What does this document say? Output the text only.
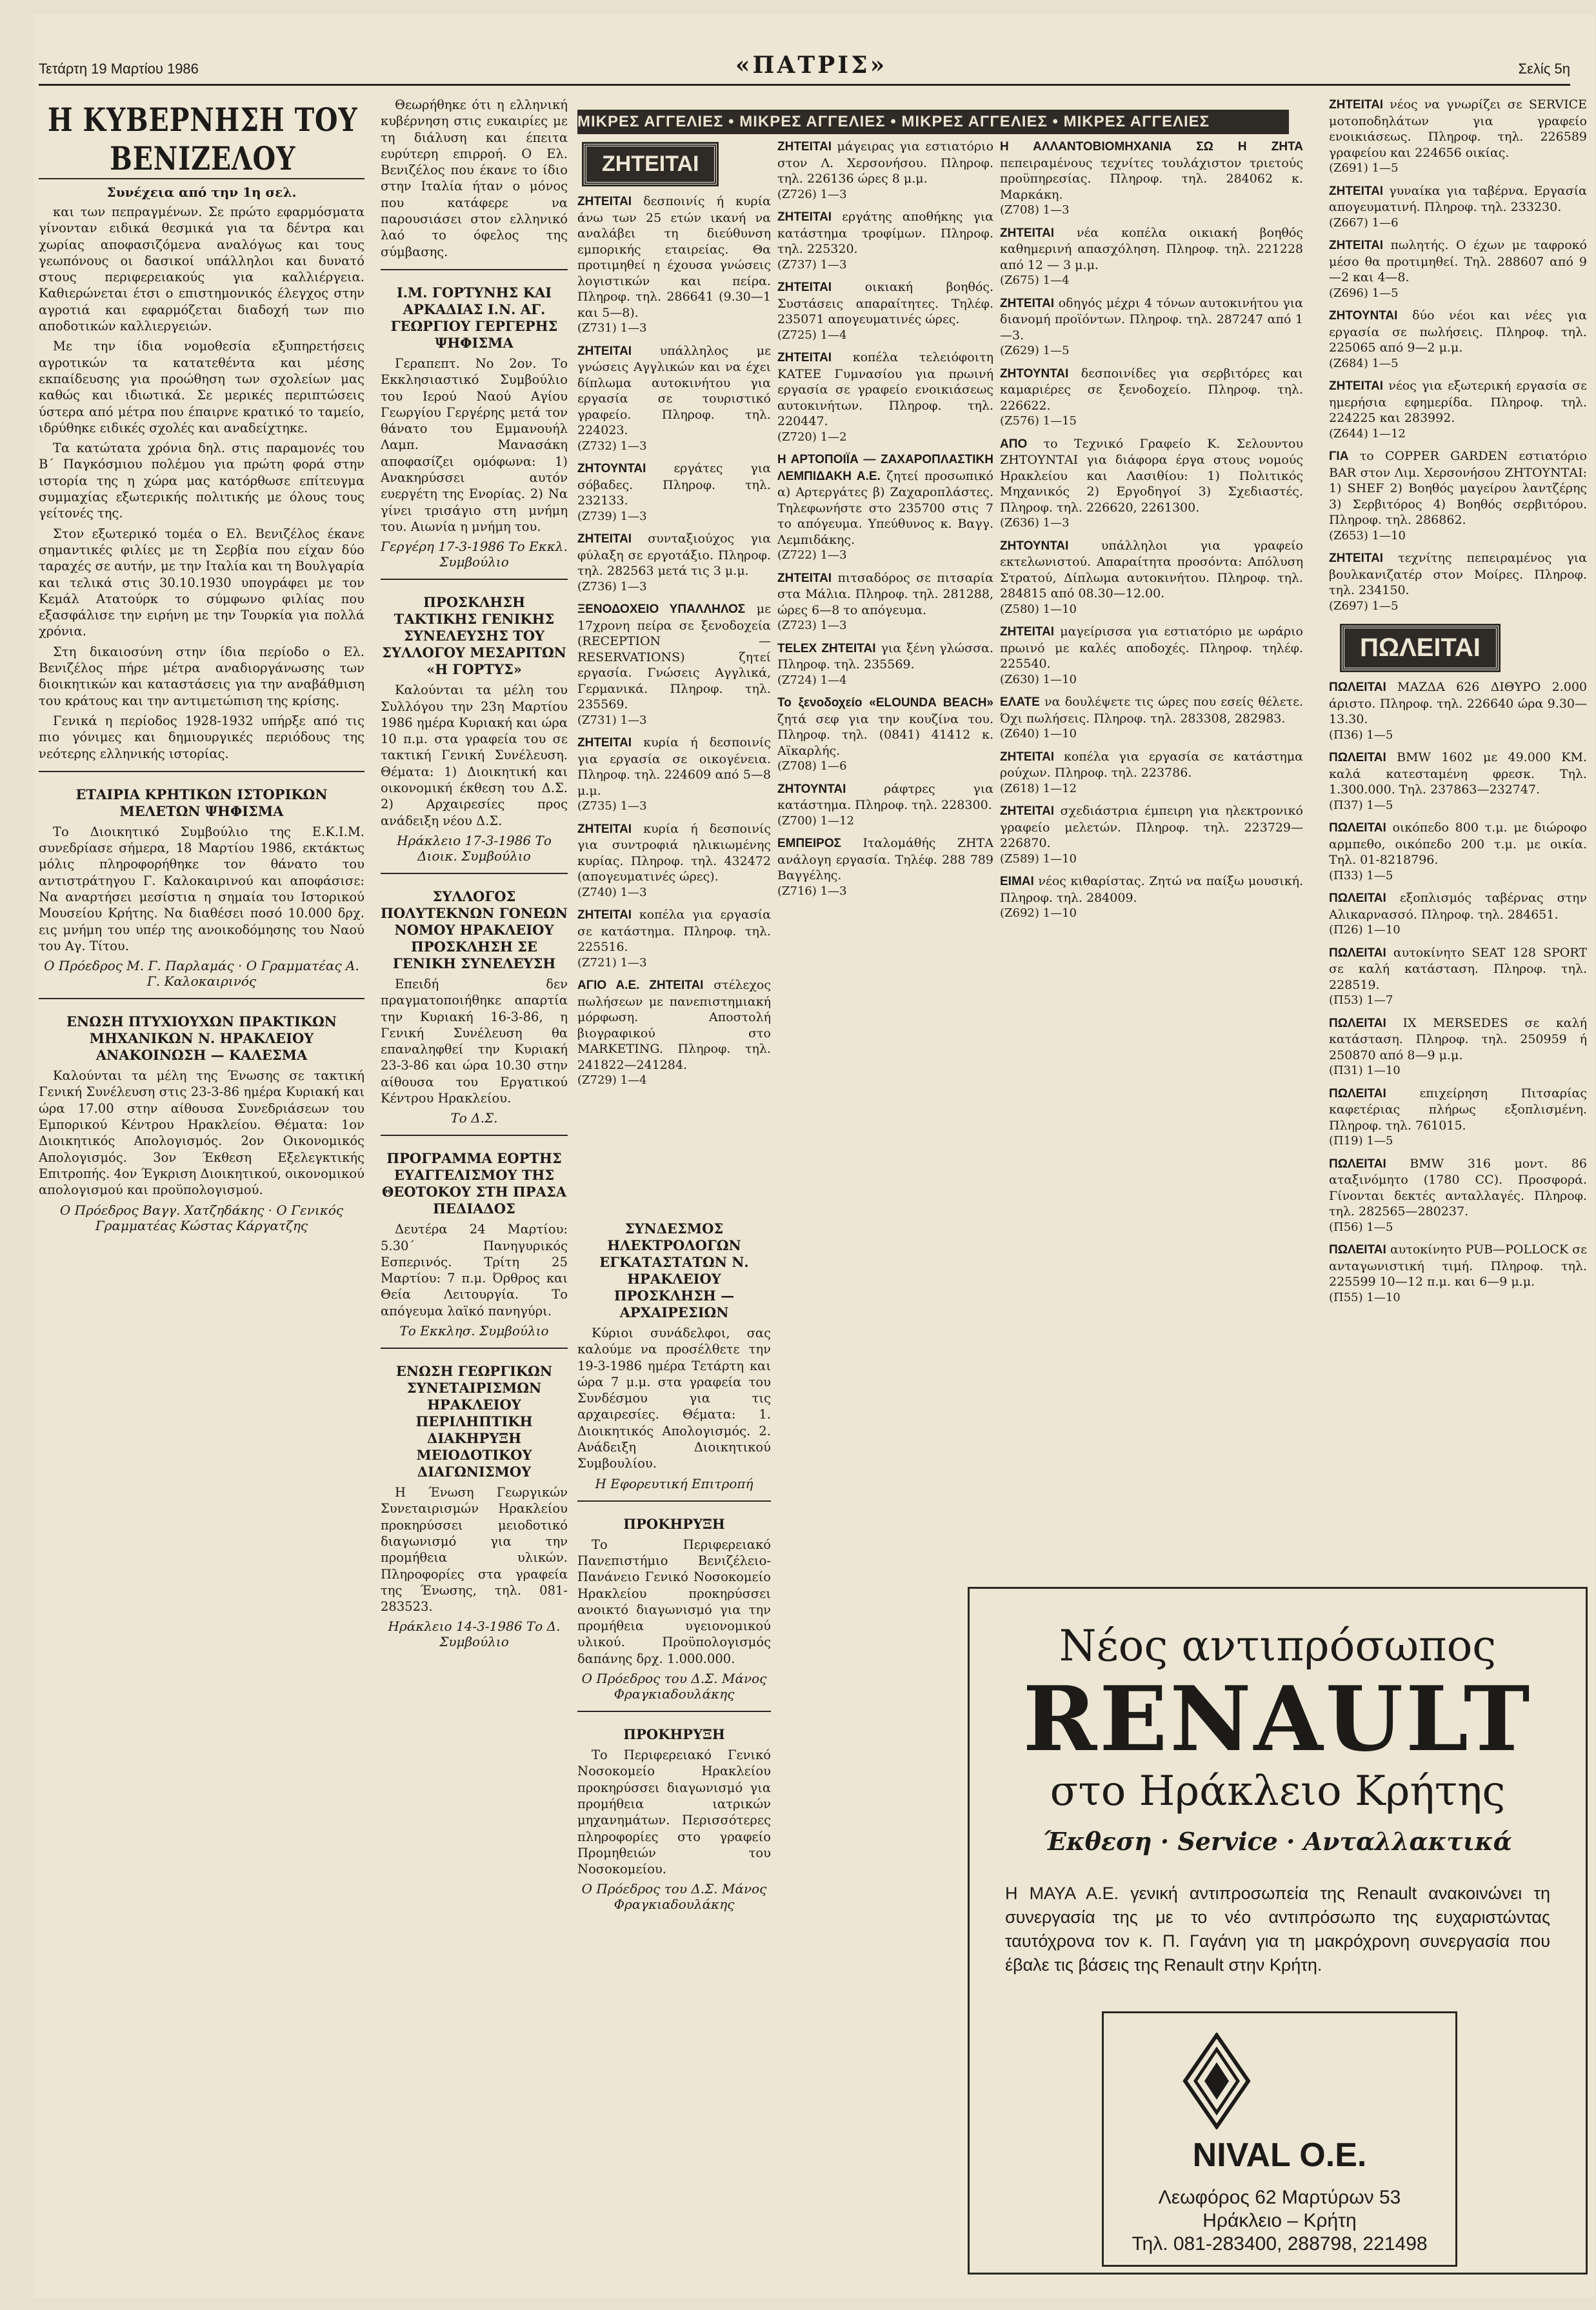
Τετάρτη 19 Μαρτίου 1986	«ΠΑΤΡΙΣ»	Σελίς 5η
Η ΚΥΒΕΡΝΗΣΗ ΤΟΥ ΒΕΝΙΖΕΛΟΥ
Συνέχεια από την 1η σελ.

και των πεπραγμένων. Σε πρώτο εφαρμόσματα γίνονταν ειδικά θεσμικά για τα δέντρα και χωρίας αποφασιζόμενα αναλόγως και τους γεωπόνους οι δασικοί υπάλληλοι και δυνατό στους περιφερειακούς για καλλιέργεια. Καθιερώνεται έτσι ο επιστημονικός έλεγχος στην αγροτιά και εφαρμόζεται διαδοχή των πιο αποδοτικών καλλιεργειών.

Με την ίδια νομοθεσία εξυπηρετήσεις αγροτικών τα κατατεθέντα και μέσης εκπαίδευσης για προώθηση των σχολείων μας καθώς και ιδιωτικά. Σε μερικές περιπτώσεις ύστερα από μέτρα που έπαιρνε κρατικό το ταμείο, ιδρύθηκε ειδικές σχολές και αναδείχτηκε.

Τα κατώτατα χρόνια δηλ. στις παραμονές του Β΄ Παγκόσμιου πολέμου για πρώτη φορά στην ιστορία της η χώρα μας κατόρθωσε επίτευγμα συμμαχίας εξωτερικής πολιτικής με όλους τους γείτονές της.

Στον εξωτερικό τομέα ο Ελ. Βενιζέλος έκανε σημαντικές φιλίες με τη Σερβία που είχαν δύο ταραχές σε αυτήν, με την Ιταλία και τη Βουλγαρία και τελικά στις 30.10.1930 υπογράφει με τον Κεμάλ Ατατούρκ το σύμφωνο φιλίας που εξασφάλισε την ειρήνη με την Τουρκία για πολλά χρόνια.

Στη δικαιοσύνη στην ίδια περίοδο ο Ελ. Βενιζέλος πήρε μέτρα αναδιοργάνωσης των διοικητικών και καταστάσεις για την αναβάθμιση του κράτους και την αντιμετώπιση της κρίσης.

Γενικά η περίοδος 1928-1932 υπήρξε από τις πιο γόνιμες και δημιουργικές περιόδους της νεότερης ελληνικής ιστορίας.

ΕΤΑΙΡΙΑ ΚΡΗΤΙΚΩΝ ΙΣΤΟΡΙΚΩΝ ΜΕΛΕΤΩΝ ΨΗΦΙΣΜΑ

Το Διοικητικό Συμβούλιο της Ε.Κ.Ι.Μ. συνεδρίασε σήμερα, 18 Μαρτίου 1986, εκτάκτως μόλις πληροφορήθηκε τον θάνατο του αντιστράτηγου Γ. Καλοκαιρινού και αποφάσισε: Να αναρτήσει μεσίστια η σημαία του Ιστορικού Μουσείου Κρήτης. Να διαθέσει ποσό 10.000 δρχ. εις μνήμη του υπέρ της ανοικοδόμησης του Ναού του Αγ. Τίτου.

Ο Πρόεδρος Μ. Γ. Παρλαμάς · Ο Γραμματέας Α. Γ. Καλοκαιρινός
ΕΝΩΣΗ ΠΤΥΧΙΟΥΧΩΝ ΠΡΑΚΤΙΚΩΝ ΜΗΧΑΝΙΚΩΝ Ν. ΗΡΑΚΛΕΙΟΥ ΑΝΑΚΟΙΝΩΣΗ — ΚΑΛΕΣΜΑ

Καλούνται τα μέλη της Ένωσης σε τακτική Γενική Συνέλευση στις 23-3-86 ημέρα Κυριακή και ώρα 17.00 στην αίθουσα Συνεδριάσεων του Εμπορικού Κέντρου Ηρακλείου. Θέματα: 1ον Διοικητικός Απολογισμός. 2ον Οικονομικός Απολογισμός. 3ον Έκθεση Εξελεγκτικής Επιτροπής. 4ον Έγκριση Διοικητικού, οικονομικού απολογισμού και προϋπολογισμού.

Ο Πρόεδρος Βαγγ. Χατζηδάκης · Ο Γενικός Γραμματέας Κώστας Κάργατζης

Θεωρήθηκε ότι η ελληνική κυβέρνηση στις ευκαιρίες με τη διάλυση και έπειτα ευρύτερη επιρροή. Ο Ελ. Βενιζέλος που έκανε το ίδιο στην Ιταλία ήταν ο μόνος που κατάφερε να παρουσιάσει στον ελληνικό λαό το όφελος της σύμβασης.

Ι.Μ. ΓΟΡΤΥΝΗΣ ΚΑΙ ΑΡΚΑΔΙΑΣ Ι.Ν. ΑΓ. ΓΕΩΡΓΙΟΥ ΓΕΡΓΕΡΗΣ ΨΗΦΙΣΜΑ

Γεραπεπτ. Νο 2ον. Το Εκκλησιαστικό Συμβούλιο του Ιερού Ναού Αγίου Γεωργίου Γεργέρης μετά τον θάνατο του Εμμανουήλ Λαμπ. Μανασάκη αποφασίζει ομόφωνα: 1) Ανακηρύσσει αυτόν ευεργέτη της Ενορίας. 2) Να γίνει τρισάγιο στη μνήμη του. Αιωνία η μνήμη του.

Γεργέρη 17-3-1986 Το Εκκλ. Συμβούλιο
ΠΡΟΣΚΛΗΣΗ ΤΑΚΤΙΚΗΣ ΓΕΝΙΚΗΣ ΣΥΝΕΛΕΥΣΗΣ ΤΟΥ ΣΥΛΛΟΓΟΥ ΜΕΣΑΡΙΤΩΝ «Η ΓΟΡΤΥΣ»

Καλούνται τα μέλη του Συλλόγου την 23η Μαρτίου 1986 ημέρα Κυριακή και ώρα 10 π.μ. στα γραφεία του σε τακτική Γενική Συνέλευση. Θέματα: 1) Διοικητική και οικονομική έκθεση του Δ.Σ. 2) Αρχαιρεσίες προς ανάδειξη νέου Δ.Σ.

Ηράκλειο 17-3-1986 Το Διοικ. Συμβούλιο
ΣΥΛΛΟΓΟΣ ΠΟΛΥΤΕΚΝΩΝ ΓΟΝΕΩΝ ΝΟΜΟΥ ΗΡΑΚΛΕΙΟΥ ΠΡΟΣΚΛΗΣΗ ΣΕ ΓΕΝΙΚΗ ΣΥΝΕΛΕΥΣΗ

Επειδή δεν πραγματοποιήθηκε απαρτία την Κυριακή 16-3-86, η Γενική Συνέλευση θα επαναληφθεί την Κυριακή 23-3-86 και ώρα 10.30 στην αίθουσα του Εργατικού Κέντρου Ηρακλείου.

Το Δ.Σ.
ΠΡΟΓΡΑΜΜΑ ΕΟΡΤΗΣ ΕΥΑΓΓΕΛΙΣΜΟΥ ΤΗΣ ΘΕΟΤΟΚΟΥ ΣΤΗ ΠΡΑΣΑ ΠΕΔΙΑΔΟΣ

Δευτέρα 24 Μαρτίου: 5.30΄ Πανηγυρικός Εσπερινός. Τρίτη 25 Μαρτίου: 7 π.μ. Όρθρος και Θεία Λειτουργία. Το απόγευμα λαϊκό πανηγύρι.

Το Εκκλησ. Συμβούλιο
ΕΝΩΣΗ ΓΕΩΡΓΙΚΩΝ ΣΥΝΕΤΑΙΡΙΣΜΩΝ ΗΡΑΚΛΕΙΟΥ ΠΕΡΙΛΗΠΤΙΚΗ ΔΙΑΚΗΡΥΞΗ ΜΕΙΟΔΟΤΙΚΟΥ ΔΙΑΓΩΝΙΣΜΟΥ

Η Ένωση Γεωργικών Συνεταιρισμών Ηρακλείου προκηρύσσει μειοδοτικό διαγωνισμό για την προμήθεια υλικών. Πληροφορίες στα γραφεία της Ένωσης, τηλ. 081-283523.

Ηράκλειο 14-3-1986 Το Δ. Συμβούλιο
ΣΥΝΔΕΣΜΟΣ ΗΛΕΚΤΡΟΛΟΓΩΝ ΕΓΚΑΤΑΣΤΑΤΩΝ Ν. ΗΡΑΚΛΕΙΟΥ ΠΡΟΣΚΛΗΣΗ — ΑΡΧΑΙΡΕΣΙΩΝ

Κύριοι συνάδελφοι, σας καλούμε να προσέλθετε την 19-3-1986 ημέρα Τετάρτη και ώρα 7 μ.μ. στα γραφεία του Συνδέσμου για τις αρχαιρεσίες. Θέματα: 1. Διοικητικός Απολογισμός. 2. Ανάδειξη Διοικητικού Συμβουλίου.

Η Εφορευτική Επιτροπή
ΠΡΟΚΗΡΥΞΗ

Το Περιφερειακό Πανεπιστήμιο Βενιζέλειο-Πανάνειο Γενικό Νοσοκομείο Ηρακλείου προκηρύσσει ανοικτό διαγωνισμό για την προμήθεια υγειονομικού υλικού. Προϋπολογισμός δαπάνης δρχ. 1.000.000.

Ο Πρόεδρος του Δ.Σ. Μάνος Φραγκιαδουλάκης
ΠΡΟΚΗΡΥΞΗ

Το Περιφερειακό Γενικό Νοσοκομείο Ηρακλείου προκηρύσσει διαγωνισμό για προμήθεια ιατρικών μηχανημάτων. Περισσότερες πληροφορίες στο γραφείο Προμηθειών του Νοσοκομείου.

Ο Πρόεδρος του Δ.Σ. Μάνος Φραγκιαδουλάκης
ΜΙΚΡΕΣ ΑΓΓΕΛΙΕΣ • ΜΙΚΡΕΣ ΑΓΓΕΛΙΕΣ • ΜΙΚΡΕΣ ΑΓΓΕΛΙΕΣ • ΜΙΚΡΕΣ ΑΓΓΕΛΙΕΣ
ΖΗΤΕΙΤΑΙ

ΖΗΤΕΙΤΑΙ δεσποινίς ή κυρία άνω των 25 ετών ικανή να αναλάβει τη διεύθυνση εμπορικής εταιρείας. Θα προτιμηθεί η έχουσα γνώσεις λογιστικών και πείρα. Πληροφ. τηλ. 286641 (9.30—1 και 5—8).
(Ζ731) 1—3

ΖΗΤΕΙΤΑΙ υπάλληλος με γνώσεις Αγγλικών και να έχει δίπλωμα αυτοκινήτου για εργασία σε τουριστικό γραφείο. Πληροφ. τηλ. 224023.
(Ζ732) 1—3

ΖΗΤΟΥΝΤΑΙ εργάτες για σόβαδες. Πληροφ. τηλ. 232133.
(Ζ739) 1—3

ΖΗΤΕΙΤΑΙ συνταξιούχος για φύλαξη σε εργοτάξιο. Πληροφ. τηλ. 282563 μετά τις 3 μ.μ.
(Ζ736) 1—3

ΞΕΝΟΔΟΧΕΙΟ ΥΠΑΛΛΗΛΟΣ με 17χρονη πείρα σε ξενοδοχεία (RECEPTION — RESERVATIONS) ζητεί εργασία. Γνώσεις Αγγλικά, Γερμανικά. Πληροφ. τηλ. 235569.
(Ζ731) 1—3

ΖΗΤΕΙΤΑΙ κυρία ή δεσποινίς για εργασία σε οικογένεια. Πληροφ. τηλ. 224609 από 5—8 μ.μ.
(Ζ735) 1—3

ΖΗΤΕΙΤΑΙ κυρία ή δεσποινίς για συντροφιά ηλικιωμένης κυρίας. Πληροφ. τηλ. 432472 (απογευματινές ώρες).
(Ζ740) 1—3

ΖΗΤΕΙΤΑΙ κοπέλα για εργασία σε κατάστημα. Πληροφ. τηλ. 225516.
(Ζ721) 1—3

ΑΓΙΟ Α.Ε. ΖΗΤΕΙΤΑΙ στέλεχος πωλήσεων με πανεπιστημιακή μόρφωση. Αποστολή βιογραφικού στο MARKETING. Πληροφ. τηλ. 241822—241284.
(Ζ729) 1—4

ΖΗΤΕΙΤΑΙ μάγειρας για εστιατόριο στον Λ. Χερσονήσου. Πληροφ. τηλ. 226136 ώρες 8 μ.μ.
(Ζ726) 1—3

ΖΗΤΕΙΤΑΙ εργάτης αποθήκης για κατάστημα τροφίμων. Πληροφ. τηλ. 225320.
(Ζ737) 1—3

ΖΗΤΕΙΤΑΙ	οικιακή βοηθός. Συστάσεις απαραίτητες. Τηλέφ. 235071 απογευματινές ώρες.
(Ζ725) 1—4

ΖΗΤΕΙΤΑΙ κοπέλα τελειόφοιτη ΚΑΤΕΕ Γυμνασίου για πρωινή εργασία σε γραφείο ενοικιάσεως αυτοκινήτων. Πληροφ. τηλ. 220447.
(Ζ720) 1—2

Η ΑΡΤΟΠΟΙΪΑ — ΖΑΧΑΡΟΠΛΑΣΤΙΚΗ ΛΕΜΠΙΔΑΚΗ Α.Ε. ζητεί προσωπικό α) Αρτεργάτες β) Ζαχαροπλάστες. Τηλεφωνήστε στο 235700 στις 7 το απόγευμα. Υπεύθυνος κ. Βαγγ. Λεμπιδάκης.
(Ζ722) 1—3

ΖΗΤΕΙΤΑΙ πιτσαδόρος σε πιτσαρία στα Μάλια. Πληροφ. τηλ. 281288, ώρες 6—8 το απόγευμα.
(Ζ723) 1—3

TELEX ΖΗΤΕΙΤΑΙ για ξένη γλώσσα. Πληροφ. τηλ. 235569.
(Ζ724) 1—4

Το ξενοδοχείο «ELOUNDA BEACH» ζητά σεφ για την κουζίνα του. Πληροφ. τηλ. (0841) 41412 κ. Αϊκαρλής.
(Ζ708) 1—6

ΖΗΤΟΥΝΤΑΙ	ράφτρες για κατάστημα. Πληροφ. τηλ. 228300.
(Ζ700) 1—12

ΕΜΠΕΙΡΟΣ Ιταλομάθής ΖΗΤΑ ανάλογη εργασία. Τηλέφ. 288 789 Βαγγέλης.
(Ζ716) 1—3

Η ΑΛΛΑΝΤΟΒΙΟΜΗΧΑΝΙΑ ΣΩ Η ΖΗΤΑ πεπειραμένους τεχνίτες τουλάχιστον τριετούς προϋπηρεσίας. Πληροφ. τηλ. 284062 κ. Μαρκάκη.
(Ζ708) 1—3

ΖΗΤΕΙΤΑΙ νέα κοπέλα οικιακή βοηθός καθημερινή απασχόληση. Πληροφ. τηλ. 221228 από 12 — 3 μ.μ.
(Ζ675) 1—4

ΖΗΤΕΙΤΑΙ οδηγός μέχρι 4 τόνων αυτοκινήτου για διανομή προϊόντων. Πληροφ. τηλ. 287247 από 1—3.
(Ζ629) 1—5

ΖΗΤΟΥΝΤΑΙ δεσποινίδες για σερβιτόρες και καμαριέρες σε ξενοδοχείο. Πληροφ. τηλ. 226622.
(Ζ576) 1—15

ΑΠΟ το Τεχνικό Γραφείο Κ. Σελουντου ΖΗΤΟΥΝΤΑΙ για διάφορα έργα στους νομούς Ηρακλείου και Λασιθίου: 1) Πολιτικός Μηχανικός 2) Εργοδηγοί 3) Σχεδιαστές. Πληροφ. τηλ. 226620, 2261300.
(Ζ636) 1—3

ΖΗΤΟΥΝΤΑΙ	υπάλληλοι για γραφείο εκτελωνιστού. Απαραίτητα προσόντα: Απόλυση Στρατού, Δίπλωμα αυτοκινήτου. Πληροφ. τηλ. 284815 από 08.30—12.00.
(Ζ580) 1—10

ΖΗΤΕΙΤΑΙ μαγείρισσα για εστιατόριο με ωράριο πρωινό με καλές αποδοχές. Πληροφ. τηλέφ. 225540.
(Ζ630) 1—10

ΕΛΑΤΕ να δουλέψετε τις ώρες που εσείς θέλετε. Όχι πωλήσεις. Πληροφ. τηλ. 283308, 282983.
(Ζ640) 1—10

ΖΗΤΕΙΤΑΙ κοπέλα για εργασία σε κατάστημα ρούχων. Πληροφ. τηλ. 223786.
(Ζ618) 1—12

ΖΗΤΕΙΤΑΙ σχεδιάστρια έμπειρη για ηλεκτρονικό γραφείο μελετών. Πληροφ. τηλ. 223729—226870.
(Ζ589) 1—10

ΕΙΜΑΙ νέος κιθαρίστας. Ζητώ να παίξω μουσική. Πληροφ. τηλ. 284009.
(Ζ692) 1—10

ΖΗΤΕΙΤΑΙ νέος να γνωρίζει σε SERVICE μοτοποδηλάτων για γραφείο ενοικιάσεως. Πληροφ. τηλ. 226589 γραφείου και 224656 οικίας.
(Ζ691) 1—5

ΖΗΤΕΙΤΑΙ γυναίκα για ταβέρνα. Εργασία απογευματινή. Πληροφ. τηλ. 233230.
(Ζ667) 1—6

ΖΗΤΕΙΤΑΙ πωλητής. Ο έχων με ταφροκό μέσο θα προτιμηθεί. Τηλ. 288607 από 9—2 και 4—8.
(Ζ696) 1—5

ΖΗΤΟΥΝΤΑΙ δύο νέοι και νέες για εργασία σε πωλήσεις. Πληροφ. τηλ. 225065 από 9—2 μ.μ.
(Ζ684) 1—5

ΖΗΤΕΙΤΑΙ νέος για εξωτερική εργασία σε ημερήσια εφημερίδα. Πληροφ. τηλ. 224225 και 283992.
(Ζ644) 1—12

ΓΙΑ το COPPER GARDEN εστιατόριο BAR στον Λιμ. Χερσονήσου ΖΗΤΟΥΝΤΑΙ: 1) SHEF 2) Βοηθός μαγείρου λαντζέρης 3) Σερβιτόρος 4) Βοηθός σερβιτόρου. Πληροφ. τηλ. 286862.
(Ζ653) 1—10

ΖΗΤΕΙΤΑΙ τεχνίτης πεπειραμένος για βουλκανιζατέρ στον Μοίρες. Πληροφ. τηλ. 234150.
(Ζ697) 1—5

ΠΩΛΕΙΤΑΙ

ΠΩΛΕΙΤΑΙ ΜΑΖΔΑ 626 ΔΙΘΥΡΟ 2.000 άριστο. Πληροφ. τηλ. 226640 ώρα 9.30—13.30.
(Π36) 1—5

ΠΩΛΕΙΤΑΙ BMW 1602 με 49.000 ΚΜ. καλά κατεσταμένη φρεσκ. Τηλ. 1.300.000. Τηλ. 237863—232747.
(Π37) 1—5

ΠΩΛΕΙΤΑΙ οικόπεδο 800 τ.μ. με διώροφο αρμπεθο, οικόπεδο 200 τ.μ. με οικία. Τηλ. 01-8218796.
(Π33) 1—5

ΠΩΛΕΙΤΑΙ εξοπλισμός ταβέρνας στην Αλικαρνασσό. Πληροφ. τηλ. 284651.
(Π26) 1—10

ΠΩΛΕΙΤΑΙ αυτοκίνητο SEAT 128 SPORT σε καλή κατάσταση. Πληροφ. τηλ. 228519.
(Π53) 1—7

ΠΩΛΕΙΤΑΙ IX MERSEDES σε καλή κατάσταση. Πληροφ. τηλ. 250959 ή 250870 από 8—9 μ.μ.
(Π31) 1—10

ΠΩΛΕΙΤΑΙ	επιχείρηση Πιτσαρίας καφετέριας πλήρως εξοπλισμένη. Πληροφ. τηλ. 761015.
(Π19) 1—5

ΠΩΛΕΙΤΑΙ BMW 316 μοντ. 86 αταξινόμητο (1780 CC). Προσφορά. Γίνονται δεκτές ανταλλαγές. Πληροφ. τηλ. 282565—280237.
(Π56) 1—5

ΠΩΛΕΙΤΑΙ αυτοκίνητο PUB—POLLOCK σε ανταγωνιστική τιμή. Πληροφ. τηλ. 225599 10—12 π.μ. και 6—9 μ.μ.
(Π55) 1—10

Νέος αντιπρόσωπος
RENAULT
στο Ηράκλειο Κρήτης
Έκθεση · Service · Ανταλλακτικά
Η ΜΑΥΑ Α.Ε. γενική αντιπροσωπεία της Renault ανακοινώνει τη συνεργασία της με το νέο αντιπρόσωπο της ευχαριστώντας ταυτόχρονα τον κ. Π. Γαγάνη για τη μακρόχρονη συνεργασία που έβαλε τις βάσεις της Renault στην Κρήτη.
NIVAL O.E.
Λεωφόρος 62 Μαρτύρων 53
Ηράκλειο – Κρήτη
Τηλ. 081-283400, 288798, 221498
